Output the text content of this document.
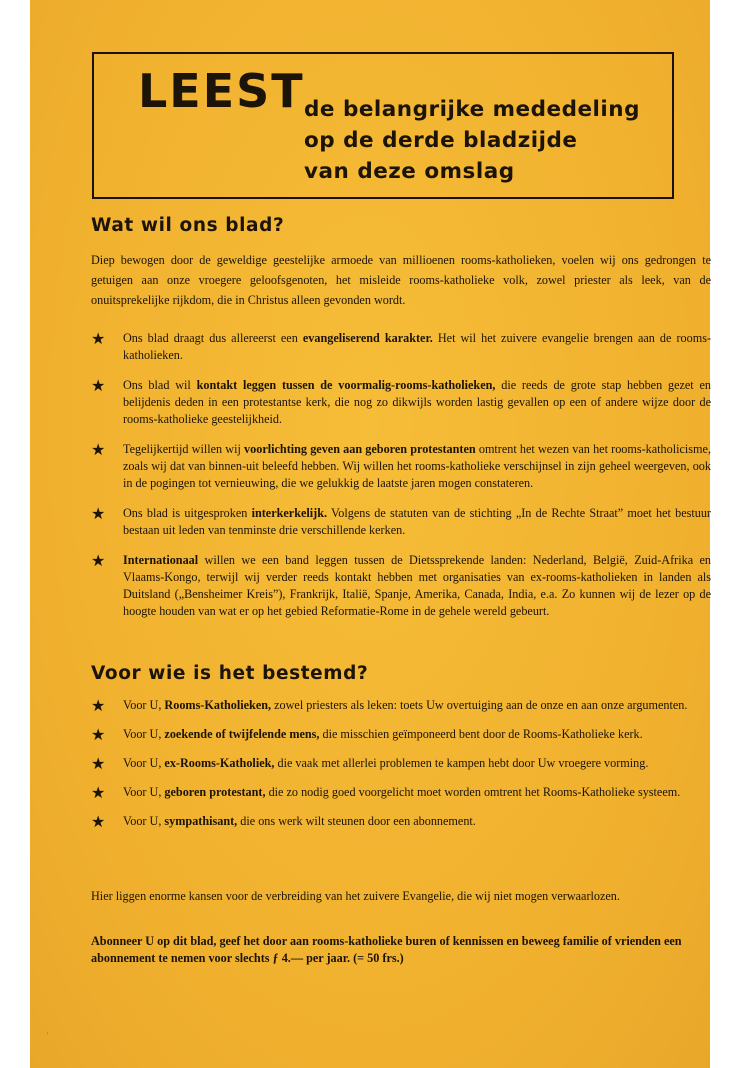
LEEST de belangrijke mededeling
op de derde bladzijde
van deze omslag
Wat wil ons blad?

Diep bewogen door de geweldige geestelijke armoede van millioenen rooms-katholieken, voelen wij ons gedrongen te getuigen aan onze vroegere geloofsgenoten, het misleide rooms-katholieke volk, zowel priester als leek, van de onuitsprekelijke rijkdom, die in Christus alleen gevonden wordt.

★ Ons blad draagt dus allereerst een evangeliserend karakter. Het wil het zuivere evangelie brengen aan de rooms-katholieken.
★ Ons blad wil kontakt leggen tussen de voormalig-rooms-katholieken, die reeds de grote stap hebben gezet en belijdenis deden in een protestantse kerk, die nog zo dikwijls worden lastig gevallen op een of andere wijze door de rooms-katholieke geestelijkheid.
★ Tegelijkertijd willen wij voorlichting geven aan geboren protestanten omtrent het wezen van het rooms-katholicisme, zoals wij dat van binnen-uit beleefd hebben. Wij willen het rooms-katholieke verschijnsel in zijn geheel weergeven, ook in de pogingen tot vernieuwing, die we gelukkig de laatste jaren mogen constateren.
★ Ons blad is uitgesproken interkerkelijk. Volgens de statuten van de stichting „In de Rechte Straat” moet het bestuur bestaan uit leden van tenminste drie verschillende kerken.
★ Internationaal willen we een band leggen tussen de Dietssprekende landen: Nederland, België, Zuid-Afrika en Vlaams-Kongo, terwijl wij verder reeds kontakt hebben met organisaties van ex-rooms-katholieken in landen als Duitsland („Bensheimer Kreis”), Frankrijk, Italië, Spanje, Amerika, Canada, India, e.a. Zo kunnen wij de lezer op de hoogte houden van wat er op het gebied Reformatie-Rome in de gehele wereld gebeurt.
Voor wie is het bestemd?
★ Voor U, Rooms-Katholieken, zowel priesters als leken: toets Uw overtuiging aan de onze en aan onze argumenten.
★ Voor U, zoekende of twijfelende mens, die misschien geïmponeerd bent door de Rooms-Katholieke kerk.
★ Voor U, ex-Rooms-Katholiek, die vaak met allerlei problemen te kampen hebt door Uw vroegere vorming.
★ Voor U, geboren protestant, die zo nodig goed voorgelicht moet worden omtrent het Rooms-Katholieke systeem.
★ Voor U, sympathisant, die ons werk wilt steunen door een abonnement.

Hier liggen enorme kansen voor de verbreiding van het zuivere Evangelie, die wij niet mogen verwaarlozen.

Abonneer U op dit blad, geef het door aan rooms-katholieke buren of kennissen en beweeg familie of vrienden een abonnement te nemen voor slechts ƒ 4.— per jaar. (= 50 frs.)

ʻ
